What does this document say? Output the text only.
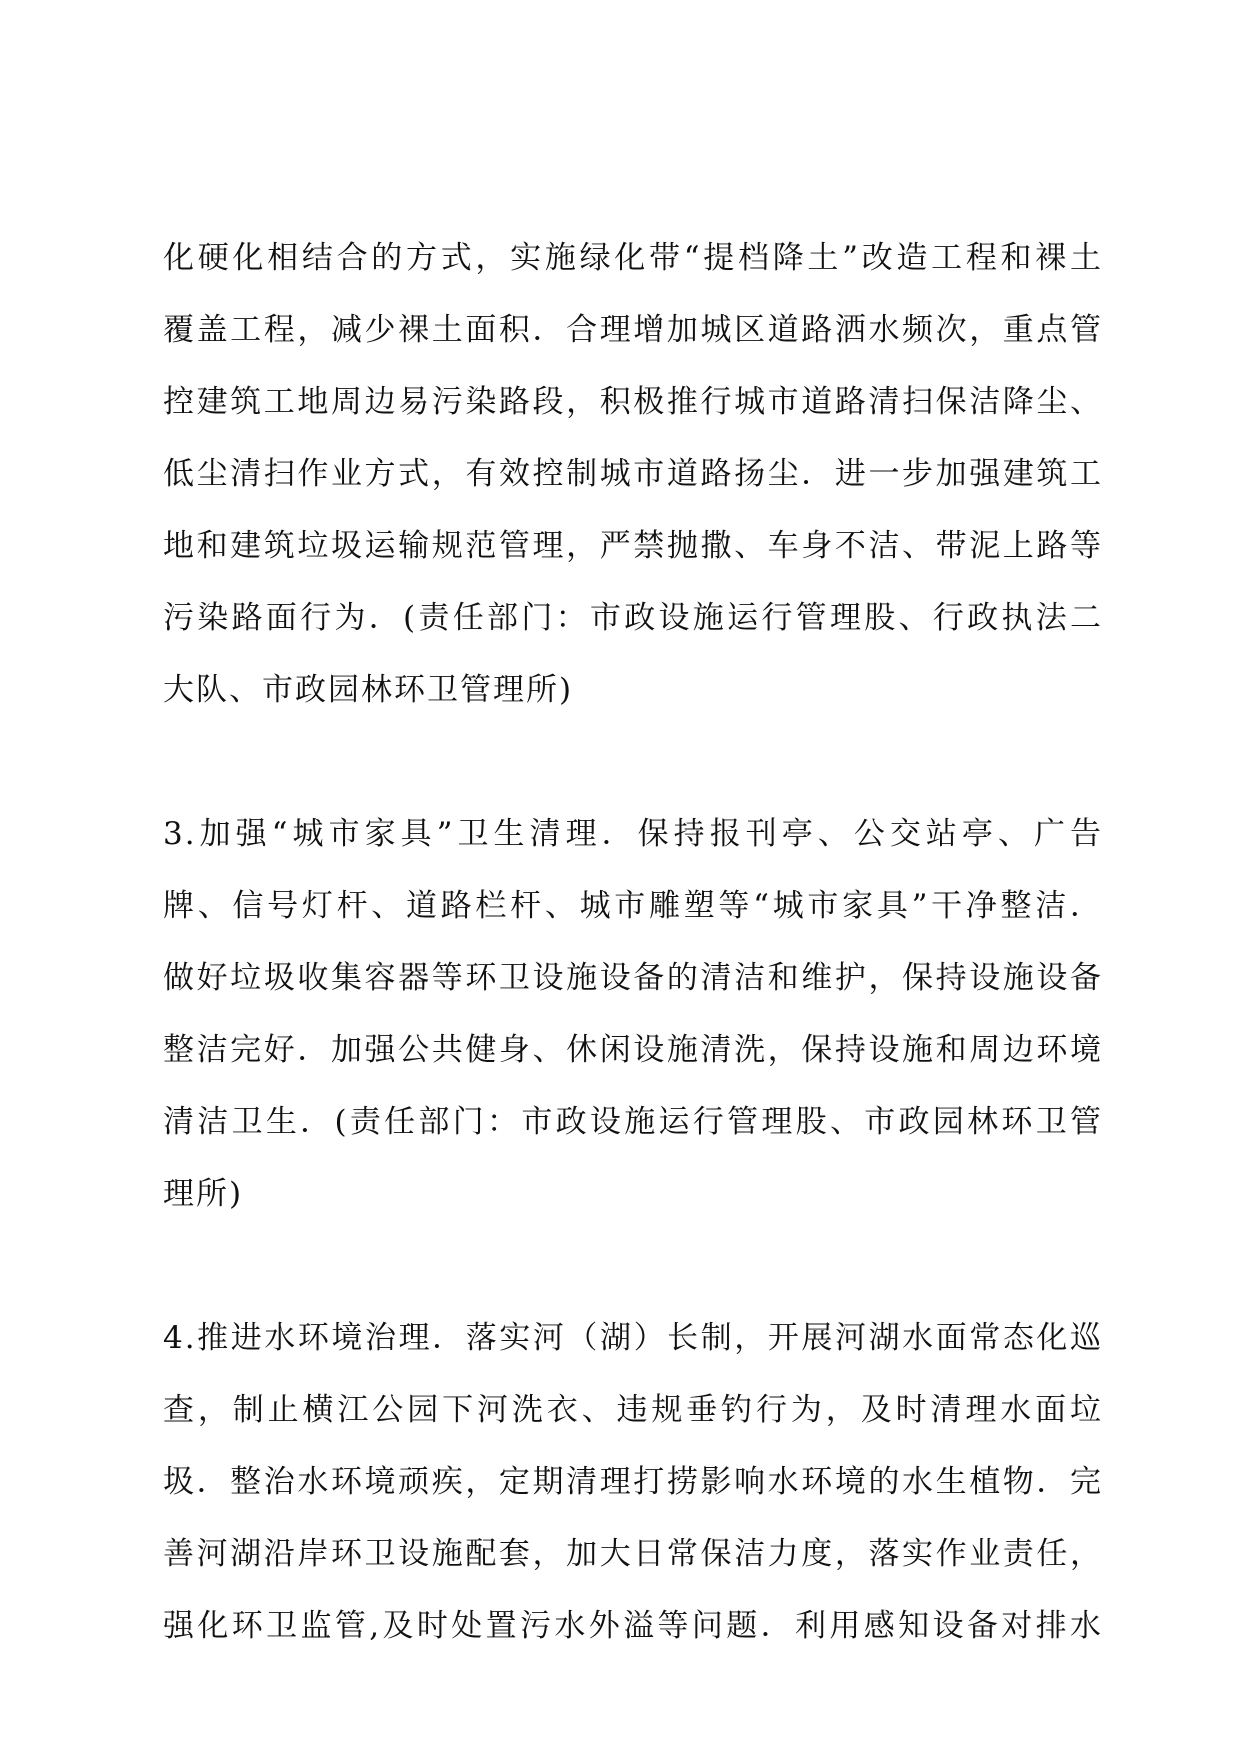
化硬化相结合的方式，实施绿化带“提档降土”改造工程和裸土
覆盖工程，减少裸土面积．合理增加城区道路洒水频次，重点管
控建筑工地周边易污染路段，积极推行城市道路清扫保洁降尘、
低尘清扫作业方式，有效控制城市道路扬尘．进一步加强建筑工
地和建筑垃圾运输规范管理，严禁抛撒、车身不洁、带泥上路等
污染路面行为．(责任部门：市政设施运行管理股、行政执法二
大队、市政园林环卫管理所)
3.加强“城市家具”卫生清理．保持报刊亭、公交站亭、广告
牌、信号灯杆、道路栏杆、城市雕塑等“城市家具”干净整洁．
做好垃圾收集容器等环卫设施设备的清洁和维护，保持设施设备
整洁完好．加强公共健身、休闲设施清洗，保持设施和周边环境
清洁卫生．(责任部门：市政设施运行管理股、市政园林环卫管
理所)
4.推进水环境治理．落实河（湖）长制，开展河湖水面常态化巡
查，制止横江公园下河洗衣、违规垂钓行为，及时清理水面垃
圾．整治水环境顽疾，定期清理打捞影响水环境的水生植物．完
善河湖沿岸环卫设施配套，加大日常保洁力度，落实作业责任，
强化环卫监管,及时处置污水外溢等问题．利用感知设备对排水
